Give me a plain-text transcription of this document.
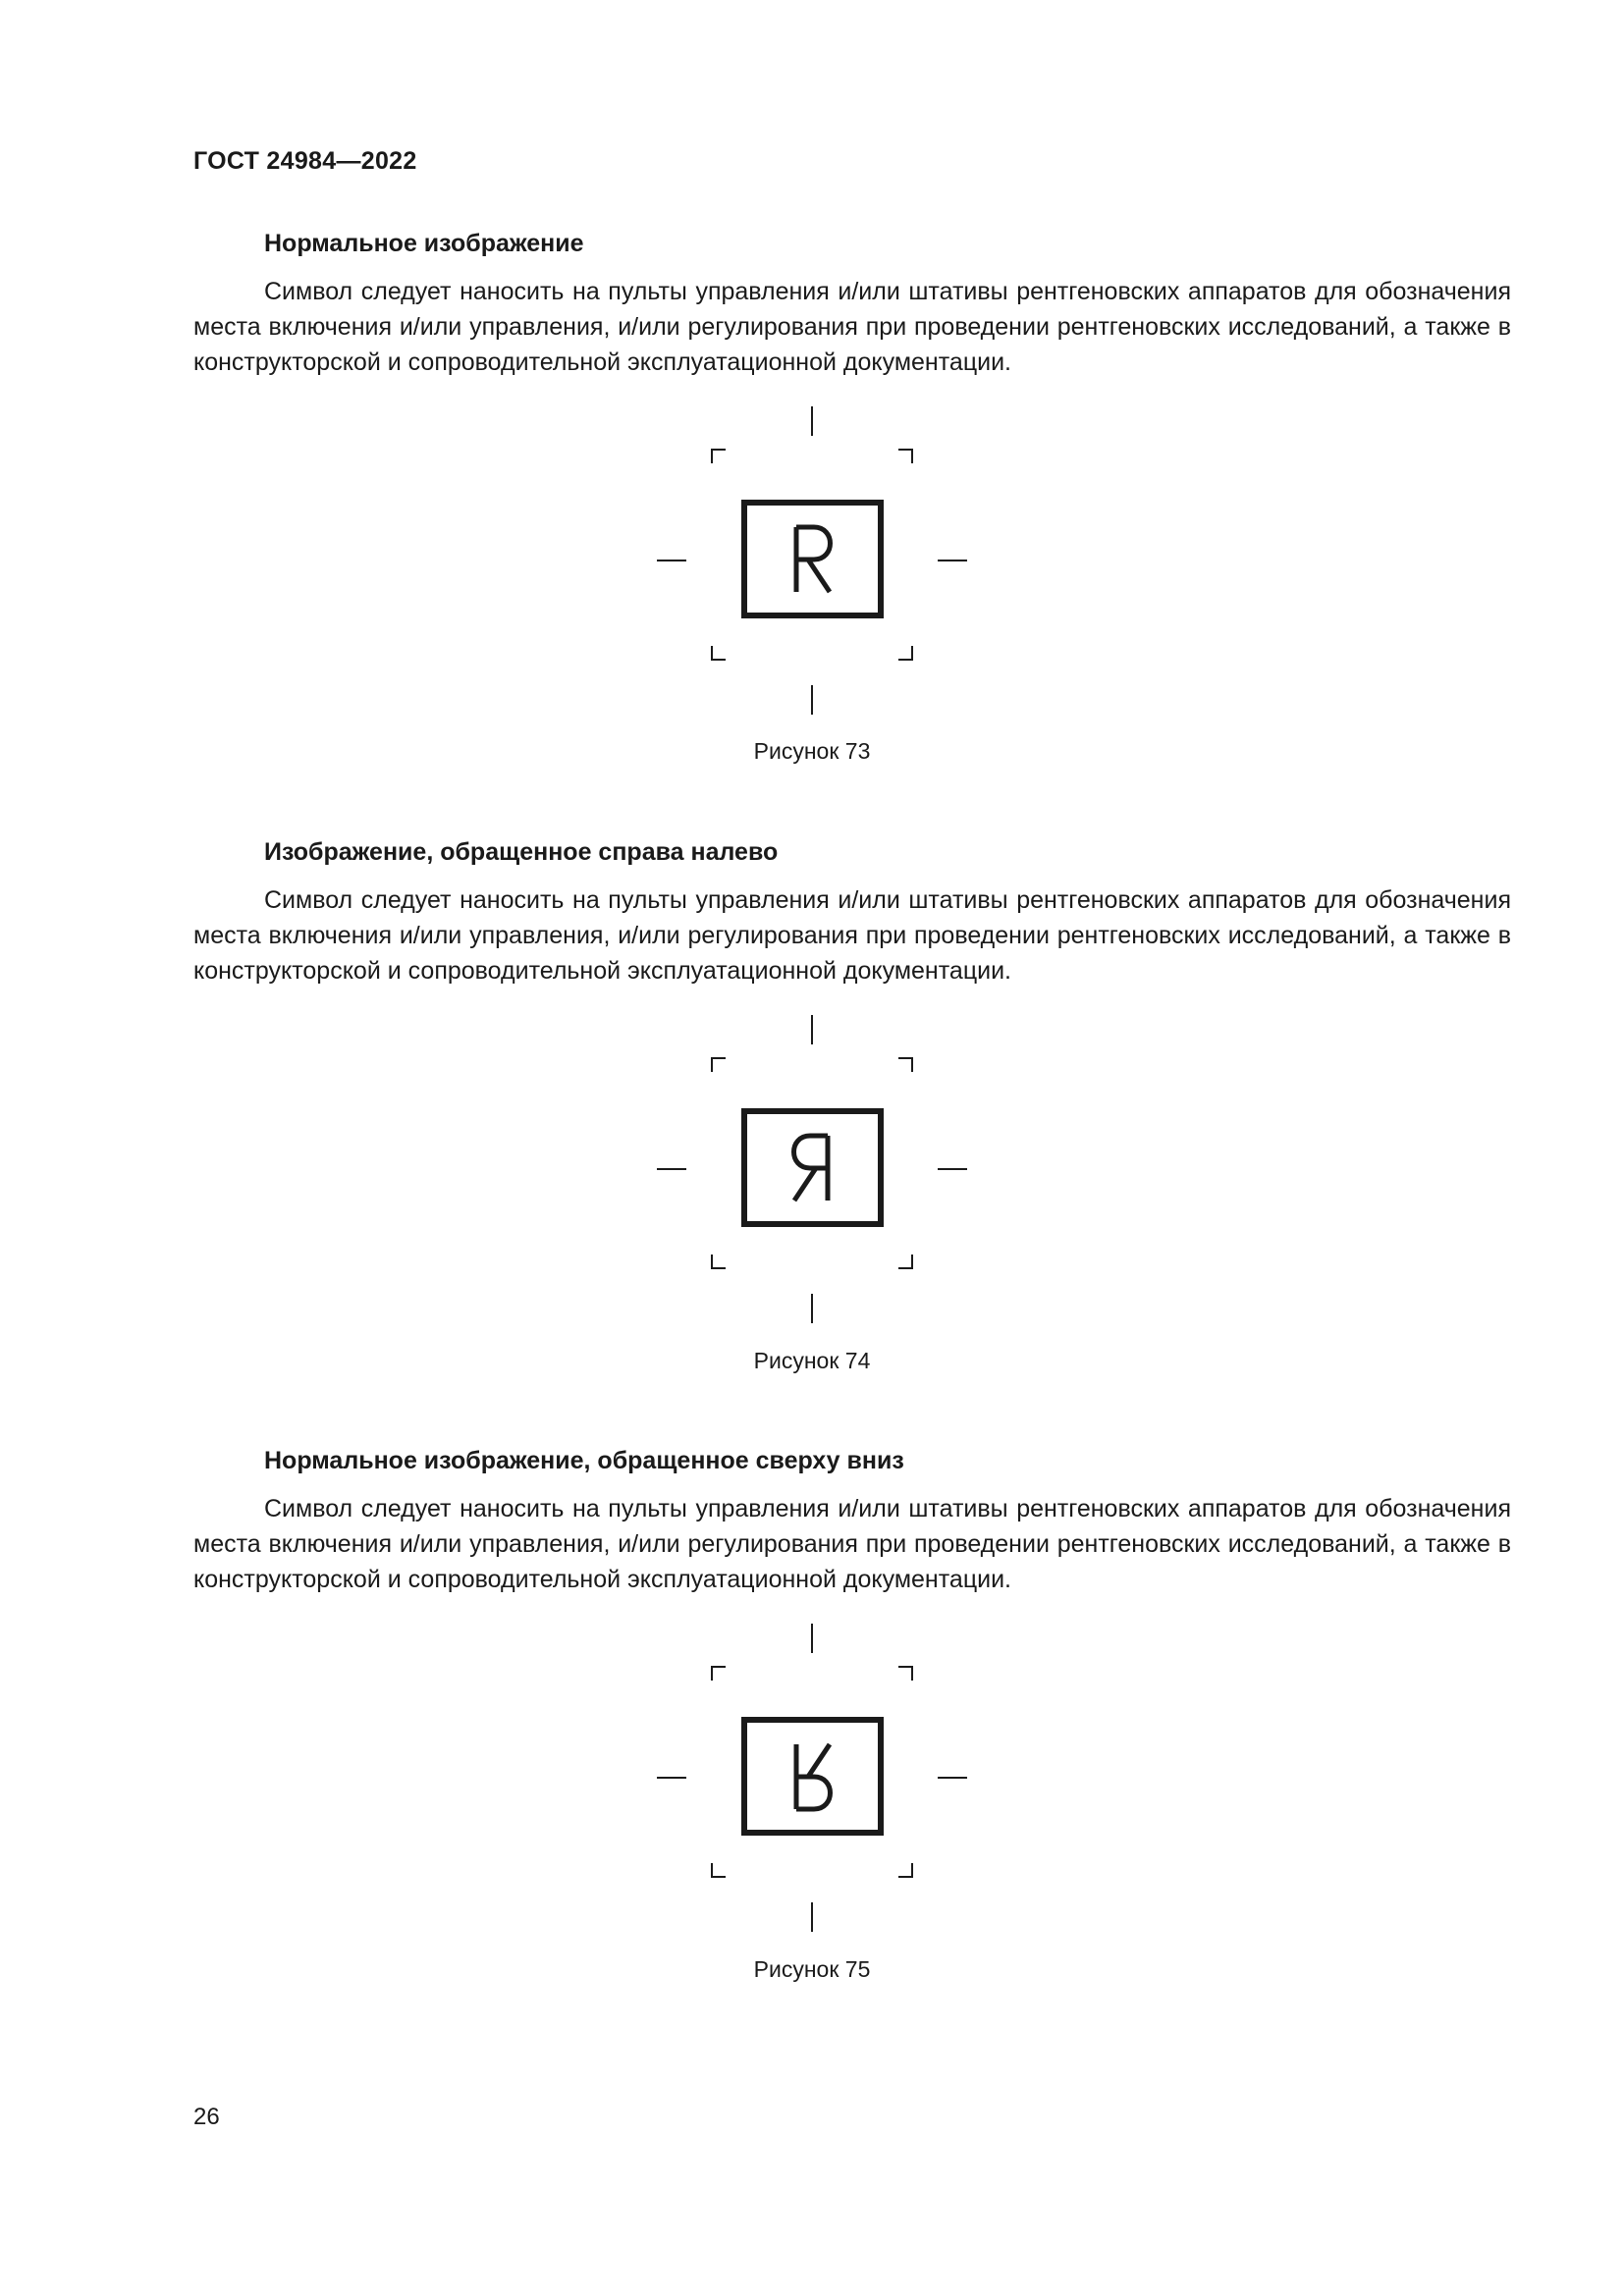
ГОСТ 24984—2022
Нормальное изображение

Символ следует наносить на пульты управления и/или штативы рентгеновских аппаратов для обозначения места включения и/или управления, и/или регулирования при проведении рентгеновских исследований, а также в конструкторской и сопроводительной эксплуатационной документации.

Рисунок 73

Изображение, обращенное справа налево

Символ следует наносить на пульты управления и/или штативы рентгеновских аппаратов для обозначения места включения и/или управления, и/или регулирования при проведении рентгеновских исследований, а также в конструкторской и сопроводительной эксплуатационной документации.

Рисунок 74

Нормальное изображение, обращенное сверху вниз

Символ следует наносить на пульты управления и/или штативы рентгеновских аппаратов для обозначения места включения и/или управления, и/или регулирования при проведении рентгеновских исследований, а также в конструкторской и сопроводительной эксплуатационной документации.

Рисунок 75

26
